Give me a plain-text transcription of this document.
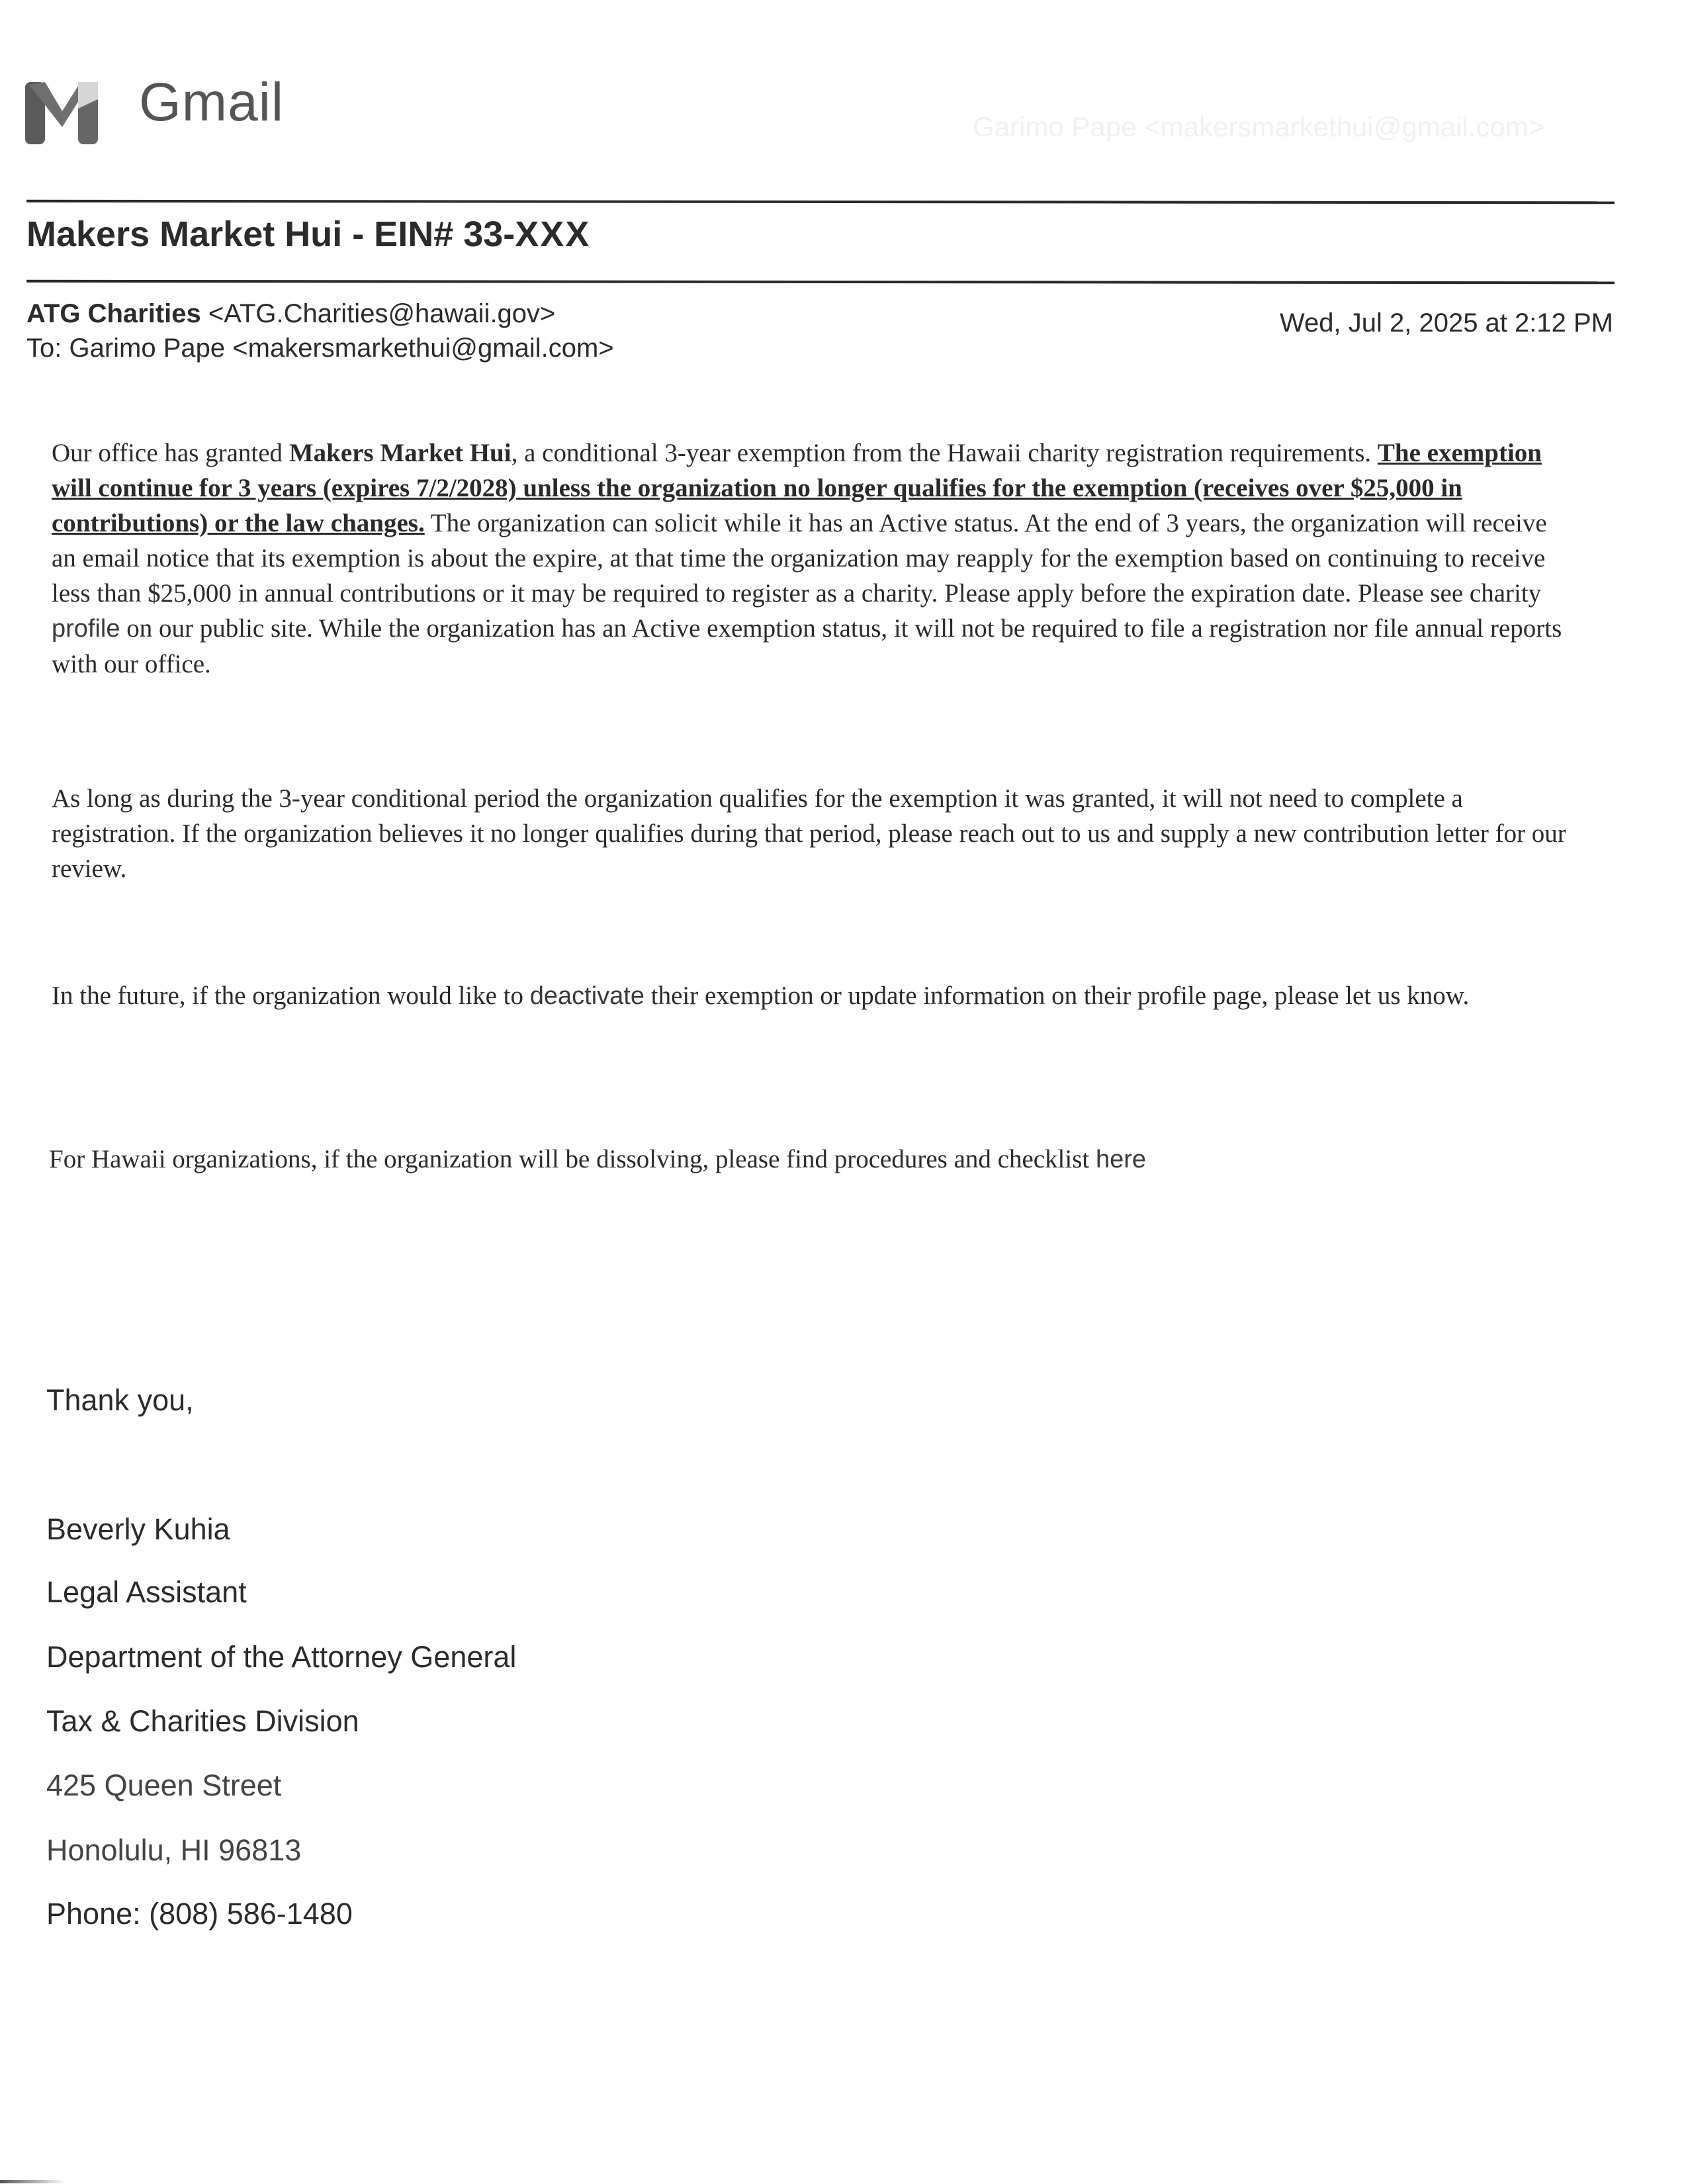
Gmail	Garimo Pape <makersmarkethui@gmail.com>
Makers Market Hui - EIN# 33-XXX
ATG Charities <ATG.Charities@hawaii.gov>
To: Garimo Pape <makersmarkethui@gmail.com>
Wed, Jul 2, 2025 at 2:12 PM
Our office has granted Makers Market Hui, a conditional 3-year exemption from the Hawaii charity registration requirements. The exemption will continue for 3 years (expires 7/2/2028) unless the organization no longer qualifies for the exemption (receives over $25,000 in contributions) or the law changes. The organization can solicit while it has an Active status. At the end of 3 years, the organization will receive an email notice that its exemption is about the expire, at that time the organization may reapply for the exemption based on continuing to receive less than $25,000 in annual contributions or it may be required to register as a charity. Please apply before the expiration date. Please see charity profile on our public site. While the organization has an Active exemption status, it will not be required to file a registration nor file annual reports with our office.
As long as during the 3-year conditional period the organization qualifies for the exemption it was granted, it will not need to complete a registration. If the organization believes it no longer qualifies during that period, please reach out to us and supply a new contribution letter for our review.
In the future, if the organization would like to deactivate their exemption or update information on their profile page, please let us know.
For Hawaii organizations, if the organization will be dissolving, please find procedures and checklist here
Thank you,
Beverly Kuhia
Legal Assistant
Department of the Attorney General
Tax & Charities Division
425 Queen Street
Honolulu, HI 96813
Phone: (808) 586-1480
